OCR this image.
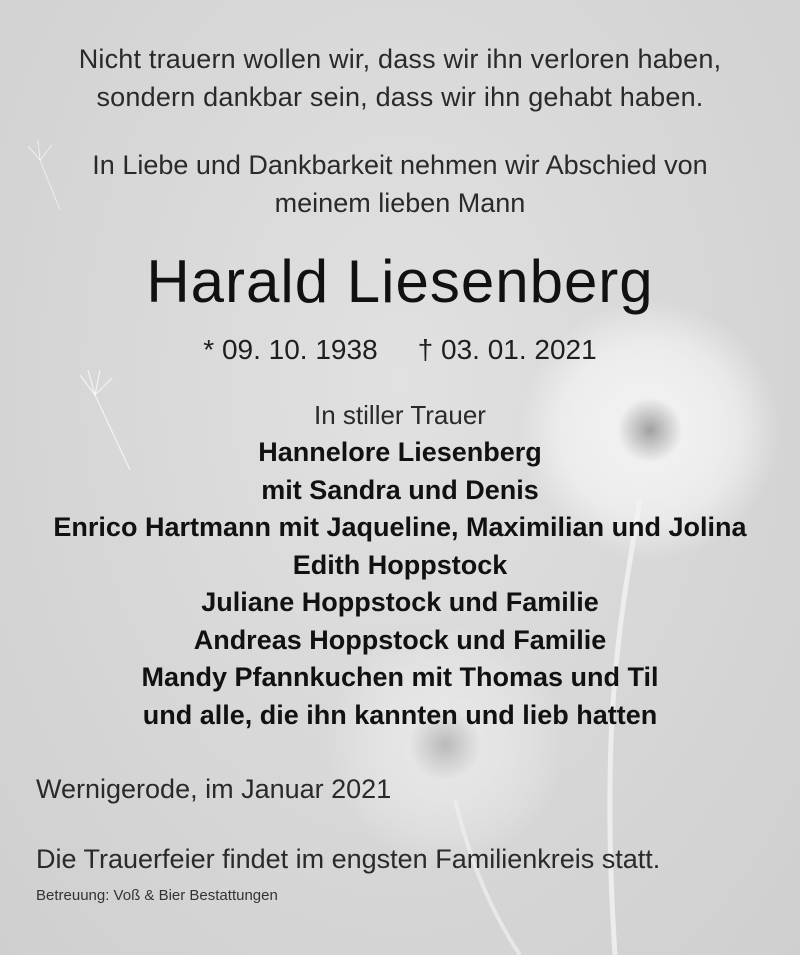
Nicht trauern wollen wir, dass wir ihn verloren haben,
sondern dankbar sein, dass wir ihn gehabt haben.
In Liebe und Dankbarkeit nehmen wir Abschied von
meinem lieben Mann
Harald Liesenberg
* 09. 10. 1938 † 03. 01. 2021
In stiller Trauer
Hannelore Liesenberg
mit Sandra und Denis
Enrico Hartmann mit Jaqueline, Maximilian und Jolina
Edith Hoppstock
Juliane Hoppstock und Familie
Andreas Hoppstock und Familie
Mandy Pfannkuchen mit Thomas und Til
und alle, die ihn kannten und lieb hatten
Wernigerode, im Januar 2021
Die Trauerfeier findet im engsten Familienkreis statt.
Betreuung: Voß & Bier Bestattungen
